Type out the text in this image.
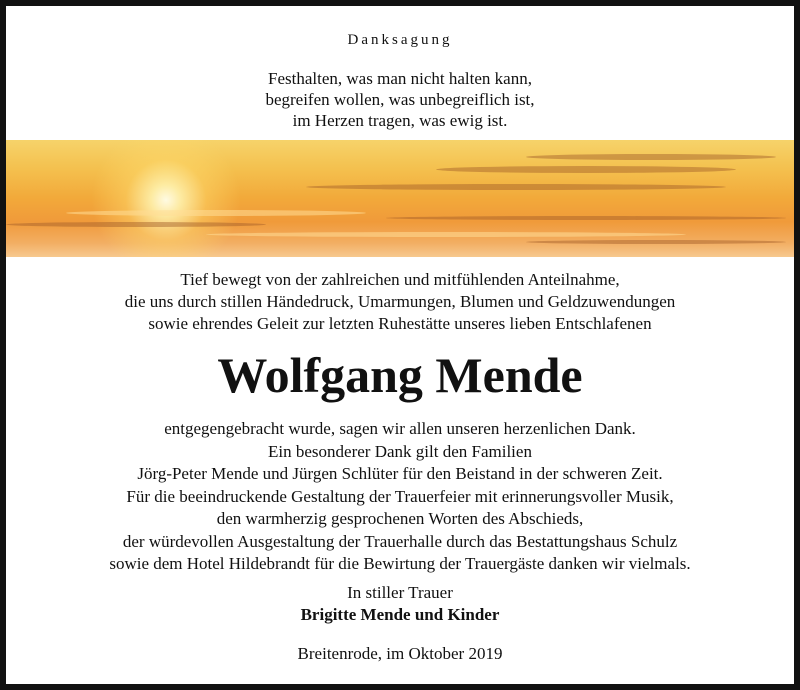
Danksagung
Festhalten, was man nicht halten kann,
begreifen wollen, was unbegreiflich ist,
im Herzen tragen, was ewig ist.
Tief bewegt von der zahlreichen und mitfühlenden Anteilnahme,
die uns durch stillen Händedruck, Umarmungen, Blumen und Geldzuwendungen
sowie ehrendes Geleit zur letzten Ruhestätte unseres lieben Entschlafenen
Wolfgang Mende
entgegengebracht wurde, sagen wir allen unseren herzenlichen Dank.
Ein besonderer Dank gilt den Familien
Jörg-Peter Mende und Jürgen Schlüter für den Beistand in der schweren Zeit.
Für die beeindruckende Gestaltung der Trauerfeier mit erinnerungsvoller Musik,
den warmherzig gesprochenen Worten des Abschieds,
der würdevollen Ausgestaltung der Trauerhalle durch das Bestattungshaus Schulz
sowie dem Hotel Hildebrandt für die Bewirtung der Trauergäste danken wir vielmals.
In stiller Trauer
Brigitte Mende und Kinder
Breitenrode, im Oktober 2019
